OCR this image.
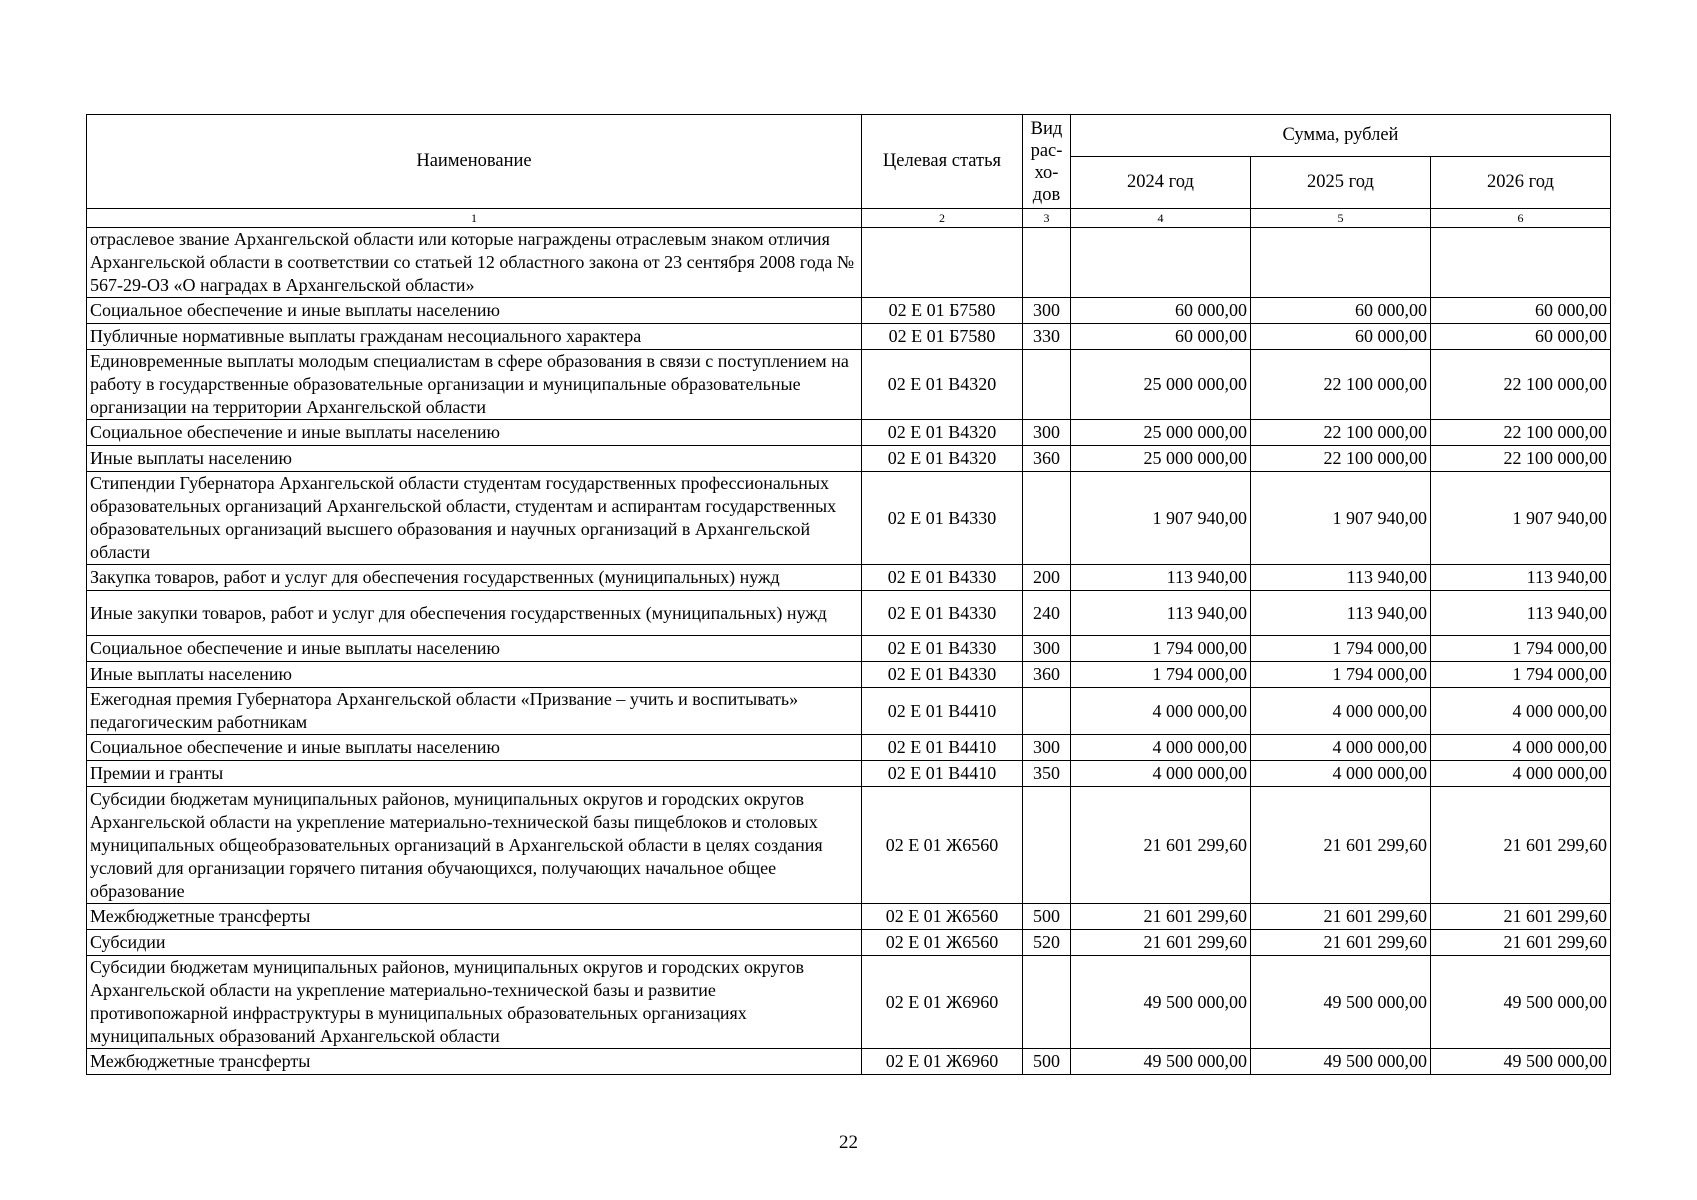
Наименование	Целевая статья	Вид рас-хо-дов	Сумма, рублей		
			2024 год	2025 год	2026 год
1	2	3	4	5	6
отраслевое звание Архангельской области или которые награждены отраслевым знаком отличия Архангельской области в соответствии со статьей 12 областного закона от 23 сентября 2008 года № 567-29-ОЗ «О наградах в Архангельской области»					
Социальное обеспечение и иные выплаты населению	02 Е 01 Б7580	300	60 000,00	60 000,00	60 000,00
Публичные нормативные выплаты гражданам несоциального характера	02 Е 01 Б7580	330	60 000,00	60 000,00	60 000,00
Единовременные выплаты молодым специалистам в сфере образования в связи с поступлением на работу в государственные образовательные организации и муниципальные образовательные организации на территории Архангельской области	02 Е 01 В4320		25 000 000,00	22 100 000,00	22 100 000,00
Социальное обеспечение и иные выплаты населению	02 Е 01 В4320	300	25 000 000,00	22 100 000,00	22 100 000,00
Иные выплаты населению	02 Е 01 В4320	360	25 000 000,00	22 100 000,00	22 100 000,00
Стипендии Губернатора Архангельской области студентам государственных профессиональных образовательных организаций Архангельской области, студентам и аспирантам государственных образовательных организаций высшего образования и научных организаций в Архангельской области	02 Е 01 В4330		1 907 940,00	1 907 940,00	1 907 940,00
Закупка товаров, работ и услуг для обеспечения государственных (муниципальных) нужд	02 Е 01 В4330	200	113 940,00	113 940,00	113 940,00
Иные закупки товаров, работ и услуг для обеспечения государственных (муниципальных) нужд	02 Е 01 В4330	240	113 940,00	113 940,00	113 940,00
Социальное обеспечение и иные выплаты населению	02 Е 01 В4330	300	1 794 000,00	1 794 000,00	1 794 000,00
Иные выплаты населению	02 Е 01 В4330	360	1 794 000,00	1 794 000,00	1 794 000,00
Ежегодная премия Губернатора Архангельской области «Призвание – учить и воспитывать» педагогическим работникам	02 Е 01 В4410		4 000 000,00	4 000 000,00	4 000 000,00
Социальное обеспечение и иные выплаты населению	02 Е 01 В4410	300	4 000 000,00	4 000 000,00	4 000 000,00
Премии и гранты	02 Е 01 В4410	350	4 000 000,00	4 000 000,00	4 000 000,00
Субсидии бюджетам муниципальных районов, муниципальных округов и городских округов Архангельской области на укрепление материально-технической базы пищеблоков и столовых муниципальных общеобразовательных организаций в Архангельской области в целях создания условий для организации горячего питания обучающихся, получающих начальное общее образование	02 Е 01 Ж6560		21 601 299,60	21 601 299,60	21 601 299,60
Межбюджетные трансферты	02 Е 01 Ж6560	500	21 601 299,60	21 601 299,60	21 601 299,60
Субсидии	02 Е 01 Ж6560	520	21 601 299,60	21 601 299,60	21 601 299,60
Субсидии бюджетам муниципальных районов, муниципальных округов и городских округов Архангельской области на укрепление материально-технической базы и развитие противопожарной инфраструктуры в муниципальных образовательных организациях муниципальных образований Архангельской области	02 Е 01 Ж6960		49 500 000,00	49 500 000,00	49 500 000,00
Межбюджетные трансферты	02 Е 01 Ж6960	500	49 500 000,00	49 500 000,00	49 500 000,00
22
